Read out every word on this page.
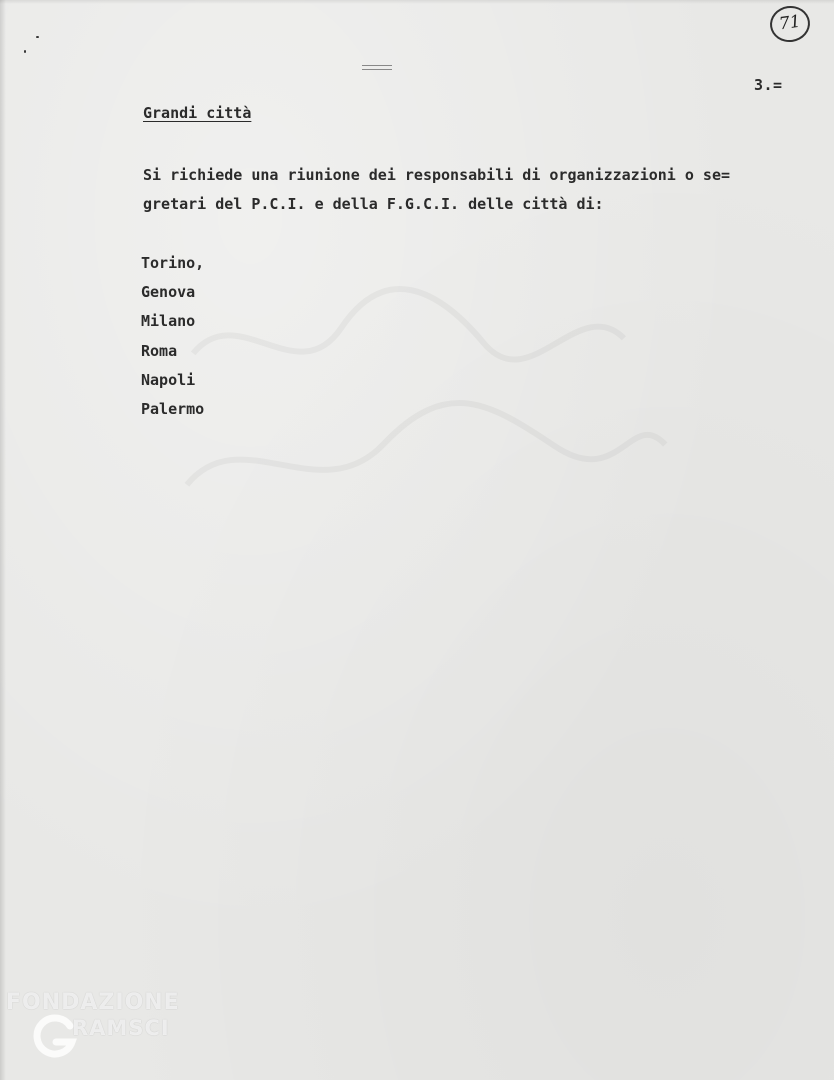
71
3.=
Grandi città
Si richiede una riunione dei responsabili di organizzazioni o se=
gretari del P.C.I. e della F.G.C.I. delle città di:
Torino,
Genova
Milano
Roma
Napoli
Palermo
FONDAZIONE
RAMSCI
